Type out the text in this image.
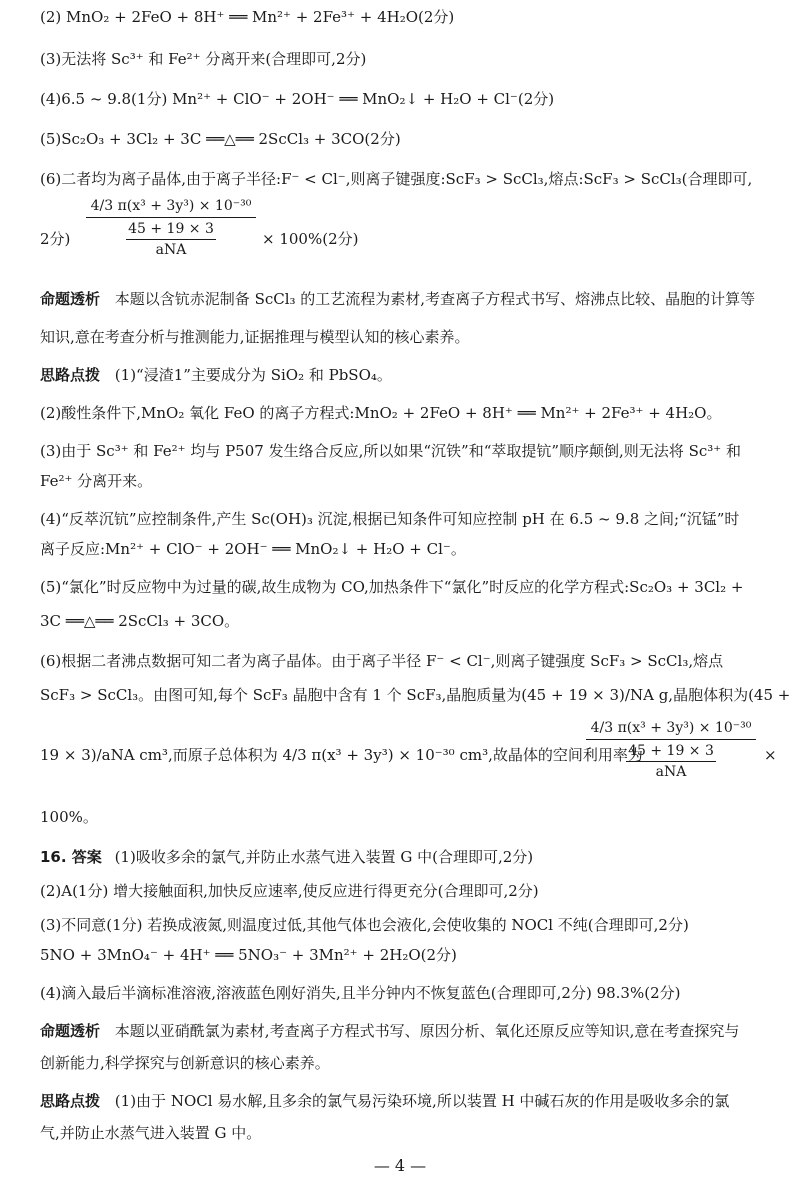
(2) MnO₂ + 2FeO + 8H⁺ ══ Mn²⁺ + 2Fe³⁺ + 4H₂O(2分)
(3)无法将 Sc³⁺ 和 Fe²⁺ 分离开来(合理即可,2分)
(4)6.5 ~ 9.8(1分) Mn²⁺ + ClO⁻ + 2OH⁻ ══ MnO₂↓ + H₂O + Cl⁻(2分)
(5)Sc₂O₃ + 3Cl₂ + 3C ══△══ 2ScCl₃ + 3CO(2分)
(6)二者均为离子晶体,由于离子半径:F⁻ < Cl⁻,则离子键强度:ScF₃ > ScCl₃,熔点:ScF₃ > ScCl₃(合理即可,
2分)
4/3 π(x³ + 3y³) × 10⁻³⁰
45 + 19 × 3
aNA
× 100%(2分)
命题透析 本题以含钪赤泥制备 ScCl₃ 的工艺流程为素材,考查离子方程式书写、熔沸点比较、晶胞的计算等
知识,意在考查分析与推测能力,证据推理与模型认知的核心素养。
思路点拨 (1)“浸渣1”主要成分为 SiO₂ 和 PbSO₄。
(2)酸性条件下,MnO₂ 氧化 FeO 的离子方程式:MnO₂ + 2FeO + 8H⁺ ══ Mn²⁺ + 2Fe³⁺ + 4H₂O。
(3)由于 Sc³⁺ 和 Fe²⁺ 均与 P507 发生络合反应,所以如果“沉铁”和“萃取提钪”顺序颠倒,则无法将 Sc³⁺ 和
Fe²⁺ 分离开来。
(4)“反萃沉钪”应控制条件,产生 Sc(OH)₃ 沉淀,根据已知条件可知应控制 pH 在 6.5 ~ 9.8 之间;“沉锰”时
离子反应:Mn²⁺ + ClO⁻ + 2OH⁻ ══ MnO₂↓ + H₂O + Cl⁻。
(5)“氯化”时反应物中为过量的碳,故生成物为 CO,加热条件下“氯化”时反应的化学方程式:Sc₂O₃ + 3Cl₂ +
3C ══△══ 2ScCl₃ + 3CO。
(6)根据二者沸点数据可知二者为离子晶体。由于离子半径 F⁻ < Cl⁻,则离子键强度 ScF₃ > ScCl₃,熔点
ScF₃ > ScCl₃。由图可知,每个 ScF₃ 晶胞中含有 1 个 ScF₃,晶胞质量为(45 + 19 × 3)/NA g,晶胞体积为(45 +
19 × 3)/aNA cm³,而原子总体积为 4/3 π(x³ + 3y³) × 10⁻³⁰ cm³,故晶体的空间利用率为
4/3 π(x³ + 3y³) × 10⁻³⁰
45 + 19 × 3
aNA
×
100%。
16. 答案 (1)吸收多余的氯气,并防止水蒸气进入装置 G 中(合理即可,2分)
(2)A(1分) 增大接触面积,加快反应速率,使反应进行得更充分(合理即可,2分)
(3)不同意(1分) 若换成液氮,则温度过低,其他气体也会液化,会使收集的 NOCl 不纯(合理即可,2分)
5NO + 3MnO₄⁻ + 4H⁺ ══ 5NO₃⁻ + 3Mn²⁺ + 2H₂O(2分)
(4)滴入最后半滴标准溶液,溶液蓝色刚好消失,且半分钟内不恢复蓝色(合理即可,2分) 98.3%(2分)
命题透析 本题以亚硝酰氯为素材,考查离子方程式书写、原因分析、氧化还原反应等知识,意在考查探究与
创新能力,科学探究与创新意识的核心素养。
思路点拨 (1)由于 NOCl 易水解,且多余的氯气易污染环境,所以装置 H 中碱石灰的作用是吸收多余的氯
气,并防止水蒸气进入装置 G 中。
— 4 —
